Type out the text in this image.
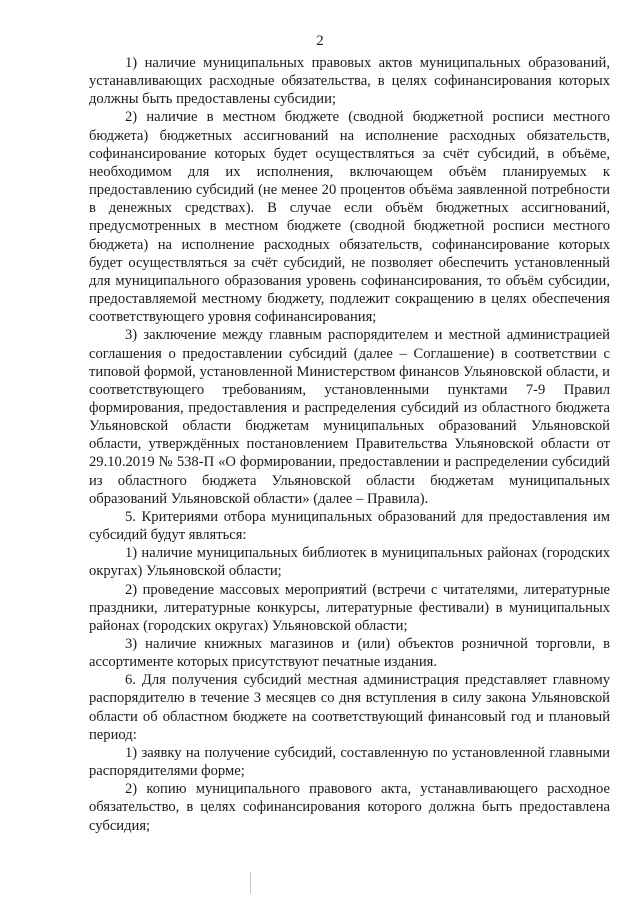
2

1) наличие муниципальных правовых актов муниципальных образований, устанавливающих расходные обязательства, в целях софинансирования которых должны быть предоставлены субсидии;

2) наличие в местном бюджете (сводной бюджетной росписи местного бюджета) бюджетных ассигнований на исполнение расходных обязательств, софинансирование которых будет осуществляться за счёт субсидий, в объёме, необходимом для их исполнения, включающем объём планируемых к предоставлению субсидий (не менее 20 процентов объёма заявленной потребности в денежных средствах). В случае если объём бюджетных ассигнований, предусмотренных в местном бюджете (сводной бюджетной росписи местного бюджета) на исполнение расходных обязательств, софинансирование которых будет осуществляться за счёт субсидий, не позволяет обеспечить установленный для муниципального образования уровень софинансирования, то объём субсидии, предоставляемой местному бюджету, подлежит сокращению в целях обеспечения соответствующего уровня софинансирования;

3) заключение между главным распорядителем и местной администрацией соглашения о предоставлении субсидий (далее – Соглашение) в соответствии с типовой формой, установленной Министерством финансов Ульяновской области, и соответствующего требованиям, установленными пунктами 7-9 Правил формирования, предоставления и распределения субсидий из областного бюджета Ульяновской области бюджетам муниципальных образований Ульяновской области, утверждённых постановлением Правительства Ульяновской области от 29.10.2019 № 538-П «О формировании, предоставлении и распределении субсидий из областного бюджета Ульяновской области бюджетам муниципальных образований Ульяновской области» (далее – Правила).

5. Критериями отбора муниципальных образований для предоставления им субсидий будут являться:

1) наличие муниципальных библиотек в муниципальных районах (городских округах) Ульяновской области;

2) проведение массовых мероприятий (встречи с читателями, литературные праздники, литературные конкурсы, литературные фестивали) в муниципальных районах (городских округах) Ульяновской области;

3) наличие книжных магазинов и (или) объектов розничной торговли, в ассортименте которых присутствуют печатные издания.

6. Для получения субсидий местная администрация представляет главному распорядителю в течение 3 месяцев со дня вступления в силу закона Ульяновской области об областном бюджете на соответствующий финансовый год и плановый период:

1) заявку на получение субсидий, составленную по установленной главными распорядителями форме;

2) копию муниципального правового акта, устанавливающего расходное обязательство, в целях софинансирования которого должна быть предоставлена субсидия;
